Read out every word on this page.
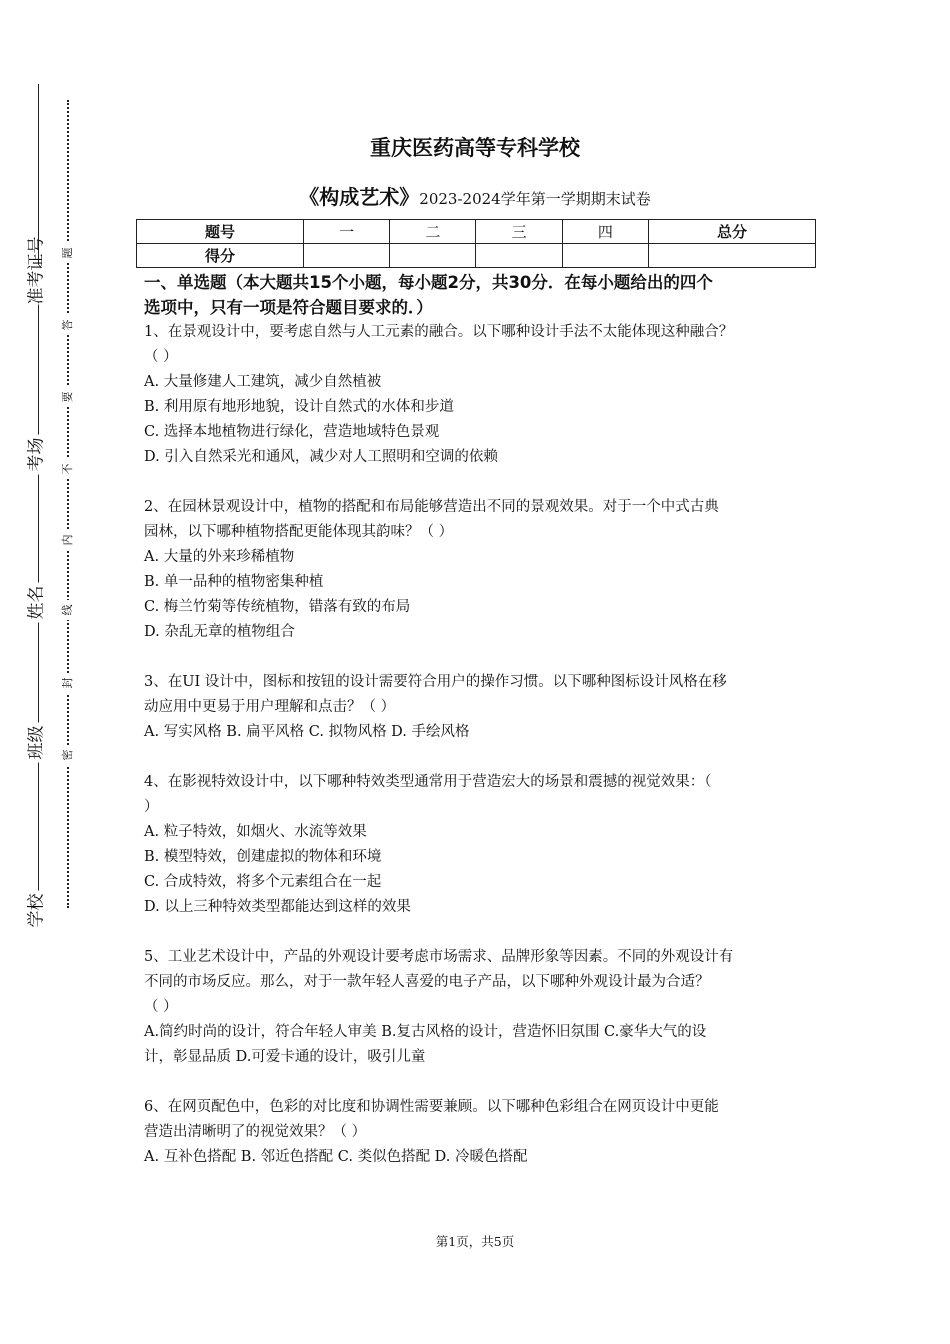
准考证号
考场
姓名
班级
学校
题
答
要
不
内
线
封
密
重庆医药高等专科学校
《构成艺术》2023-2024学年第一学期期末试卷
题号	一	二	三	四	总分
得分					
一、单选题（本大题共15个小题，每小题2分，共30分．在每小题给出的四个
选项中，只有一项是符合题目要求的．）
1、在景观设计中，要考虑自然与人工元素的融合。以下哪种设计手法不太能体现这种融合？
（ ）
A. 大量修建人工建筑，减少自然植被
B. 利用原有地形地貌，设计自然式的水体和步道
C. 选择本地植物进行绿化，营造地域特色景观
D. 引入自然采光和通风，减少对人工照明和空调的依赖
2、在园林景观设计中，植物的搭配和布局能够营造出不同的景观效果。对于一个中式古典
园林，以下哪种植物搭配更能体现其韵味？（ ）
A. 大量的外来珍稀植物
B. 单一品种的植物密集种植
C. 梅兰竹菊等传统植物，错落有致的布局
D. 杂乱无章的植物组合
3、在UI 设计中，图标和按钮的设计需要符合用户的操作习惯。以下哪种图标设计风格在移
动应用中更易于用户理解和点击？（ ）
A. 写实风格 B. 扁平风格 C. 拟物风格 D. 手绘风格
4、在影视特效设计中，以下哪种特效类型通常用于营造宏大的场景和震撼的视觉效果：（
）
A. 粒子特效，如烟火、水流等效果
B. 模型特效，创建虚拟的物体和环境
C. 合成特效，将多个元素组合在一起
D. 以上三种特效类型都能达到这样的效果
5、工业艺术设计中，产品的外观设计要考虑市场需求、品牌形象等因素。不同的外观设计有
不同的市场反应。那么，对于一款年轻人喜爱的电子产品，以下哪种外观设计最为合适？
（ ）
A.简约时尚的设计，符合年轻人审美 B.复古风格的设计，营造怀旧氛围 C.豪华大气的设
计，彰显品质 D.可爱卡通的设计，吸引儿童
6、在网页配色中，色彩的对比度和协调性需要兼顾。以下哪种色彩组合在网页设计中更能
营造出清晰明了的视觉效果？（ ）
A. 互补色搭配 B. 邻近色搭配 C. 类似色搭配 D. 冷暖色搭配
第1页，共5页
